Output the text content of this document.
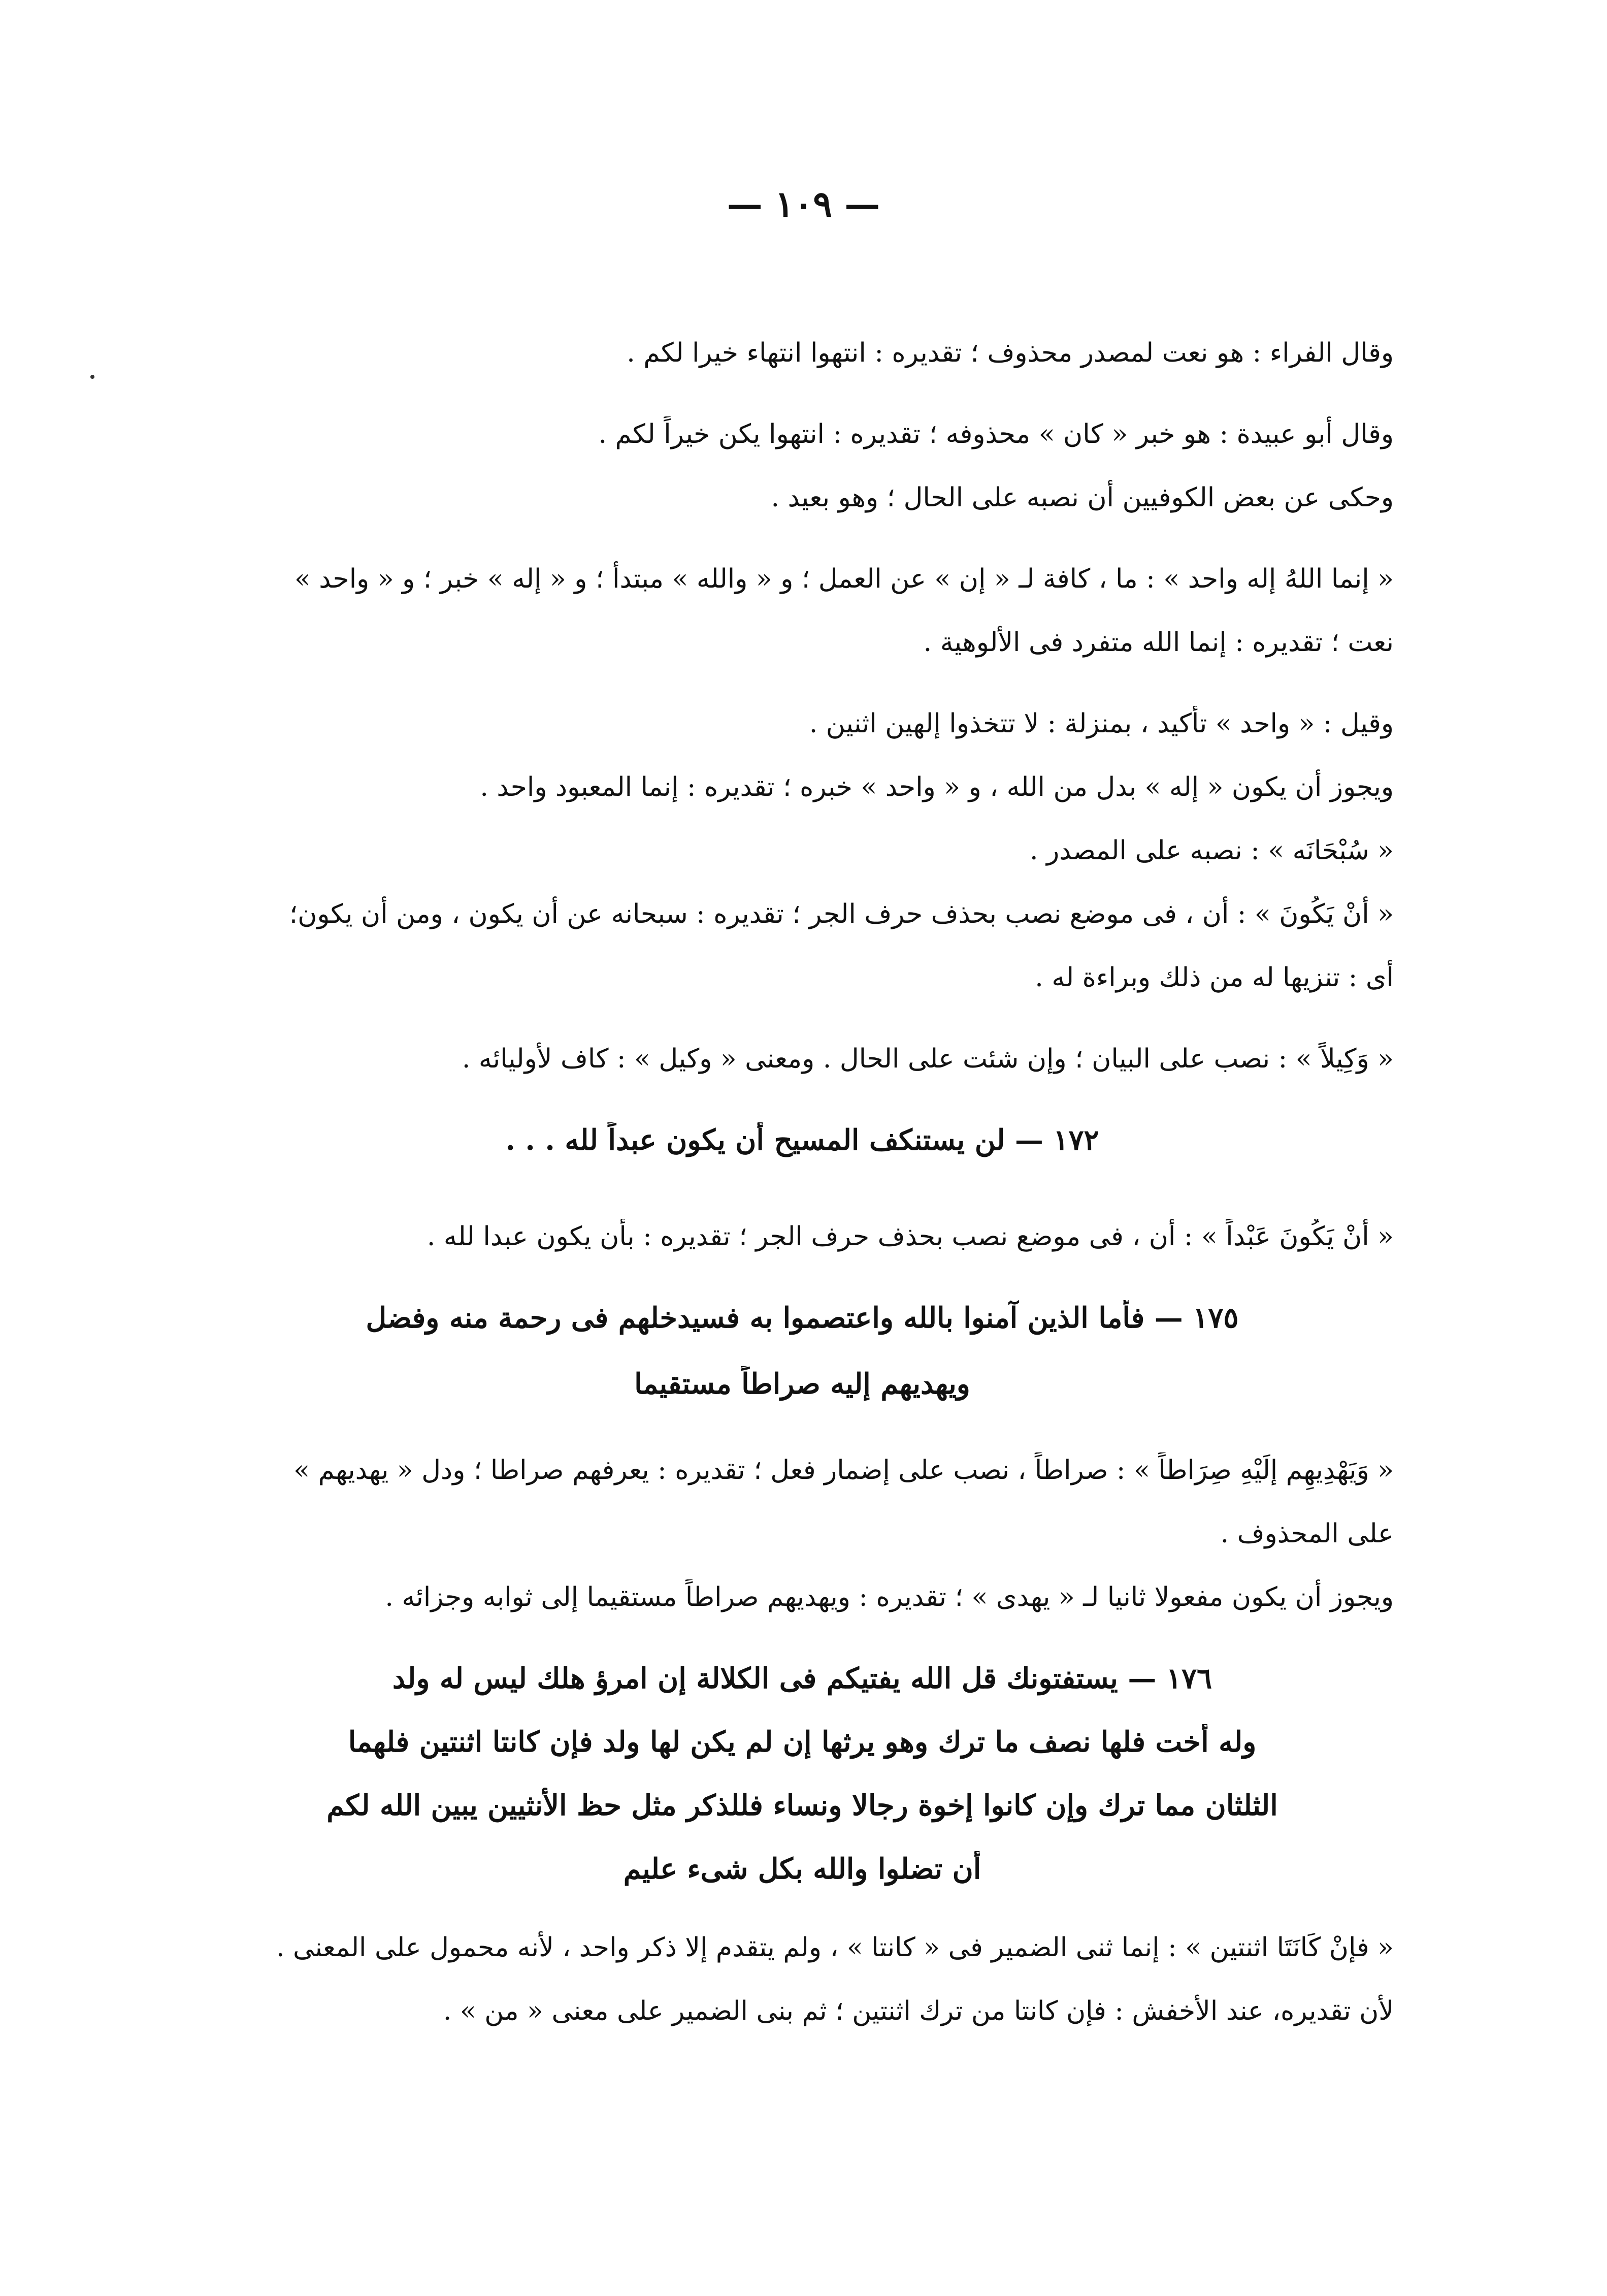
— ١٠٩ —
وقال الفراء : هو نعت لمصدر محذوف ؛ تقديره : انتهوا انتهاء خيرا لكم .
وقال أبو عبيدة : هو خبر « كان » محذوفه ؛ تقديره : انتهوا يكن خيراً لكم .
وحكى عن بعض الكوفيين أن نصبه على الحال ؛ وهو بعيد .
« إنما اللهُ إله واحد » : ما ، كافة لـ « إن » عن العمل ؛ و « والله » مبتدأ ؛ و « إله » خبر ؛ و « واحد »
نعت ؛ تقديره : إنما الله متفرد فى الألوهية .
وقيل : « واحد » تأكيد ، بمنزلة : لا تتخذوا إلهين اثنين .
ويجوز أن يكون « إله » بدل من الله ، و « واحد » خبره ؛ تقديره : إنما المعبود واحد .
« سُبْحَانَه » : نصبه على المصدر .
« أنْ يَكُونَ » : أن ، فى موضع نصب بحذف حرف الجر ؛ تقديره : سبحانه عن أن يكون ، ومن أن يكون؛
أى : تنزيها له من ذلك وبراءة له .
« وَكِيلاً » : نصب على البيان ؛ وإن شئت على الحال . ومعنى « وكيل » : كاف لأوليائه .
١٧٢ — لن يستنكف المسيح أن يكون عبداً لله . . .
« أنْ يَكُونَ عَبْداً » : أن ، فى موضع نصب بحذف حرف الجر ؛ تقديره : بأن يكون عبدا لله .
١٧٥ — فأما الذين آمنوا بالله واعتصموا به فسيدخلهم فى رحمة منه وفضل
ويهديهم إليه صراطاً مستقيما
« وَيَهْدِيهِم إلَيْهِ صِرَاطاً » : صراطاً ، نصب على إضمار فعل ؛ تقديره : يعرفهم صراطا ؛ ودل « يهديهم »
على المحذوف .
ويجوز أن يكون مفعولا ثانيا لـ « يهدى » ؛ تقديره : ويهديهم صراطاً مستقيما إلى ثوابه وجزائه .
١٧٦ — يستفتونك قل الله يفتيكم فى الكلالة إن امرؤ هلك ليس له ولد
وله أخت فلها نصف ما ترك وهو يرثها إن لم يكن لها ولد فإن كانتا اثنتين فلهما
الثلثان مما ترك وإن كانوا إخوة رجالا ونساء فللذكر مثل حظ الأنثيين يبين الله لكم
أن تضلوا والله بكل شىء عليم
« فإنْ كَانَتَا اثنتين » : إنما ثنى الضمير فى « كانتا » ، ولم يتقدم إلا ذكر واحد ، لأنه محمول على المعنى .
لأن تقديره، عند الأخفش : فإن كانتا من ترك اثنتين ؛ ثم بنى الضمير على معنى « من » .
